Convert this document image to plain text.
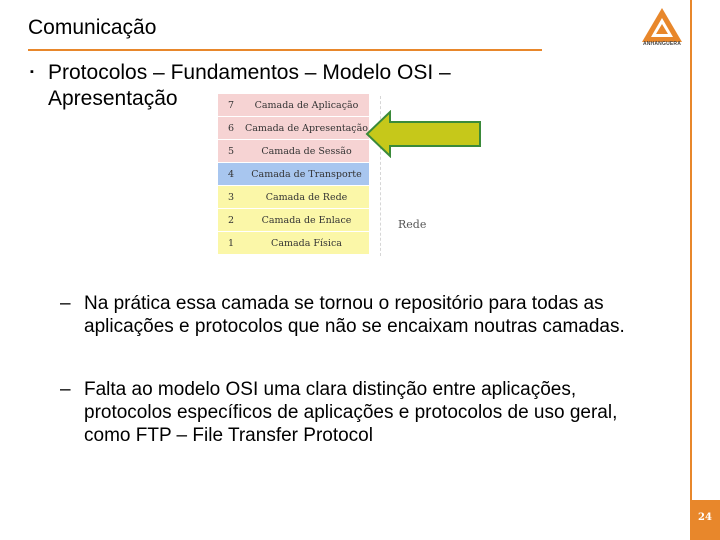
Comunicação
ANHANGUERA
24
▪ Protocolos – Fundamentos – Modelo OSI – Apresentação	7	Camada de Aplicação
6	Camada de Apresentação
5	Camada de Sessão
4	Camada de Transporte
3	Camada de Rede
2	Camada de Enlace
1	Camada Física
Rede
– Na prática essa camada se tornou o repositório para todas as aplicações e protocolos que não se encaixam noutras camadas.
– Falta ao modelo OSI uma clara distinção entre aplicações, protocolos específicos de aplicações e protocolos de uso geral, como FTP – File Transfer Protocol
